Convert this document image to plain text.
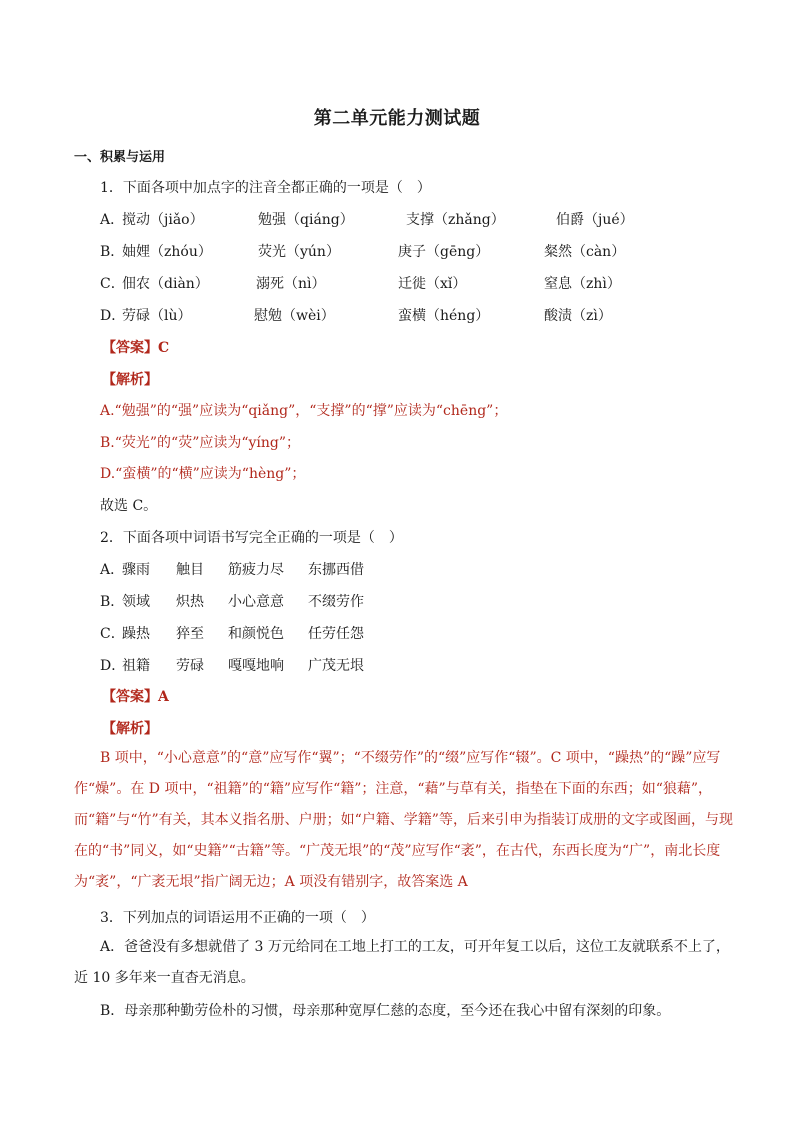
第二单元能力测试题
一、积累与运用
1．下面各项中加点字的注音全都正确的一项是（　）
A．
搅动（jiǎo）	勉强（qiáng）	支撑（zhǎng）	伯爵（jué）
B．
妯娌（zhóu）	荧光（yún）	庚子（gēng）	粲然（càn）
C．
佃农（diàn）	溺死（nì）	迁徙（xǐ）	窒息（zhì）
D．
劳碌（lù）	慰勉（wèi）	蛮横（héng）	酸渍（zì）
【答案】C
【解析】
A.“勉强”的“强”应读为“qiǎng”，“支撑”的“撑”应读为“chēng”；
B.“荧光”的“荧”应读为“yíng”；
D.“蛮横”的“横”应读为“hèng”；
故选 C。
2．下面各项中词语书写完全正确的一项是（　）
A．
骤雨 触目 筋疲力尽 东挪西借
B．
领域 炽热 小心意意 不缀劳作
C．
躁热 猝至 和颜悦色 任劳任怨
D．
祖籍 劳碌 嘎嘎地响 广茂无垠
【答案】A
【解析】
B 项中，“小心意意”的“意”应写作“翼”；“不缀劳作”的“缀”应写作“辍”。C 项中，“躁热”的“躁”应写作“燥”。在 D 项中，“祖籍”的“籍”应写作“籍”；注意，“藉”与草有关，指垫在下面的东西；如“狼藉”，而“籍”与“竹”有关，其本义指名册、户册；如“户籍、学籍”等，后来引申为指装订成册的文字或图画，与现在的“书”同义，如“史籍”“古籍”等。“广茂无垠”的“茂”应写作“袤”，在古代，东西长度为“广”，南北长度为“袤”，“广袤无垠”指广阔无边；A 项没有错别字，故答案选 A
3．下列加点的词语运用不正确的一项（　）
A．爸爸没有多想就借了 3 万元给同在工地上打工的工友，可开年复工以后，这位工友就联系不上了，近 10 多年来一直杳无消息。
B．母亲那种勤劳俭朴的习惯，母亲那种宽厚仁慈的态度，至今还在我心中留有深刻的印象。
